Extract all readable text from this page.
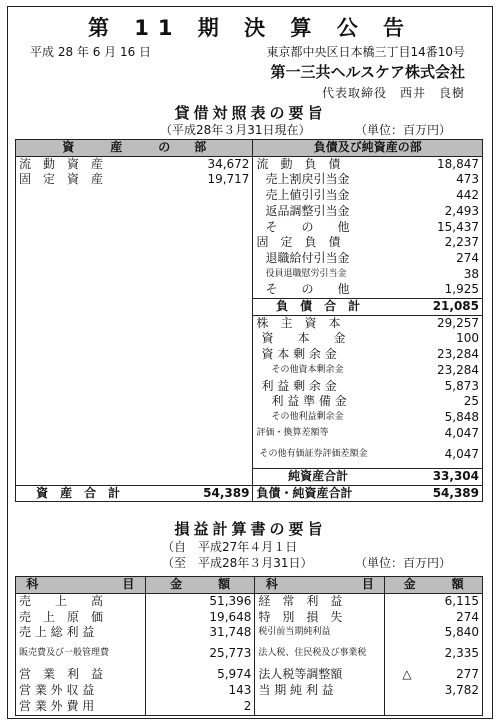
第 11 期 決 算 公 告
平成 28 年 6 月 16 日	東京都中央区日本橋三丁目14番10号
第一三共ヘルスケア株式会社
代表取締役　西井　良樹
貸借対照表の要旨
（平成28年３月31日現在）	（単位：百万円）
資　　　産　　　の　　部		負債及び純資産の部	
流　動　資　産	34,672	流　動　負　債	18,847
固　定　資　産	19,717	売上割戻引当金	473
		売上値引引当金	442
		返品調整引当金	2,493
		そ　　の　　他	15,437
		固　定　負　債	2,237
		退職給付引当金	274
		役員退職慰労引当金	38
		そ　　の　　他	1,925
		負　債　合　計	21,085
		株　主　資　本	29,257
		資　　本　　金	100
		資 本 剰 余 金	23,284
		その他資本剰余金	23,284
		利 益 剰 余 金	5,873
		利 益 準 備 金	25
		その他利益剰余金	5,848
		評価・換算差額等	4,047
		その他有価証券評価差額金	4,047
		純資産合計	33,304
資　産　合　計	54,389	負債・純資産合計	54,389
損益計算書の要旨
（自　平成27年４月１日
（至　平成28年３月31日）	（単位：百万円）
科　　　　　　　目	金　　　額	科　　　　　　　目	金　　　額
売　　上　　高	51,396	経　常　利　益	6,115
売　上　原　価	19,648	特　別　損　失	274
売 上 総 利 益	31,748	税引前当期純利益	5,840
販売費及び一般管理費	25,773	法人税、住民税及び事業税	2,335
営　業　利　益	5,974	法人税等調整額	△ 277
営 業 外 収 益	143	当 期 純 利 益	3,782
営 業 外 費 用	2		
